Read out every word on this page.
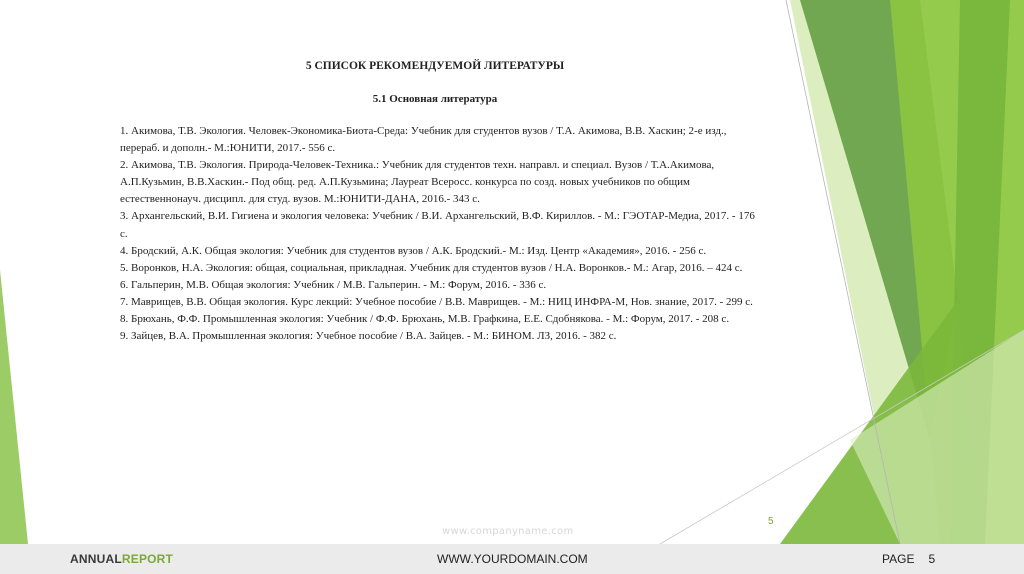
5 СПИСОК РЕКОМЕНДУЕМОЙ ЛИТЕРАТУРЫ
5.1 Основная литература

1. Акимова, Т.В. Экология. Человек-Экономика-Биота-Среда: Учебник для студентов вузов / Т.А. Акимова, В.В. Хаскин; 2-е изд., перераб. и дополн.- М.:ЮНИТИ, 2017.- 556 с.

2. Акимова, Т.В. Экология. Природа-Человек-Техника.: Учебник для студентов техн. направл. и специал. Вузов / Т.А.Акимова, А.П.Кузьмин, В.В.Хаскин.- Под общ. ред. А.П.Кузьмина; Лауреат Всеросс. конкурса по созд. новых учебников по общим естественнонауч. дисципл. для студ. вузов. М.:ЮНИТИ-ДАНА, 2016.- 343 с.

3. Архангельский, В.И. Гигиена и экология человека: Учебник / В.И. Архангельский, В.Ф. Кириллов. - М.: ГЭОТАР-Медиа, 2017. - 176 с.

4. Бродский, А.К. Общая экология: Учебник для студентов вузов / А.К. Бродский.- М.: Изд. Центр «Академия», 2016. - 256 с.

5. Воронков, Н.А. Экология: общая, социальная, прикладная. Учебник для студентов вузов / Н.А. Воронков.- М.: Агар, 2016. – 424 с.

6. Гальперин, М.В. Общая экология: Учебник / М.В. Гальперин. - М.: Форум, 2016. - 336 с.

7. Маврищев, В.В. Общая экология. Курс лекций: Учебное пособие / В.В. Маврищев. - М.: НИЦ ИНФРА-М, Нов. знание, 2017. - 299 с.

8. Брюхань, Ф.Ф. Промышленная экология: Учебник / Ф.Ф. Брюхань, М.В. Графкина, Е.Е. Сдобнякова. - М.: Форум, 2017. - 208 с.

9. Зайцев, В.А. Промышленная экология: Учебное пособие / В.А. Зайцев. - М.: БИНОМ. ЛЗ, 2016. - 382 с.

5
www.companyname.com
ANNUALREPORT	WWW.YOURDOMAIN.COM	PAGE 5
